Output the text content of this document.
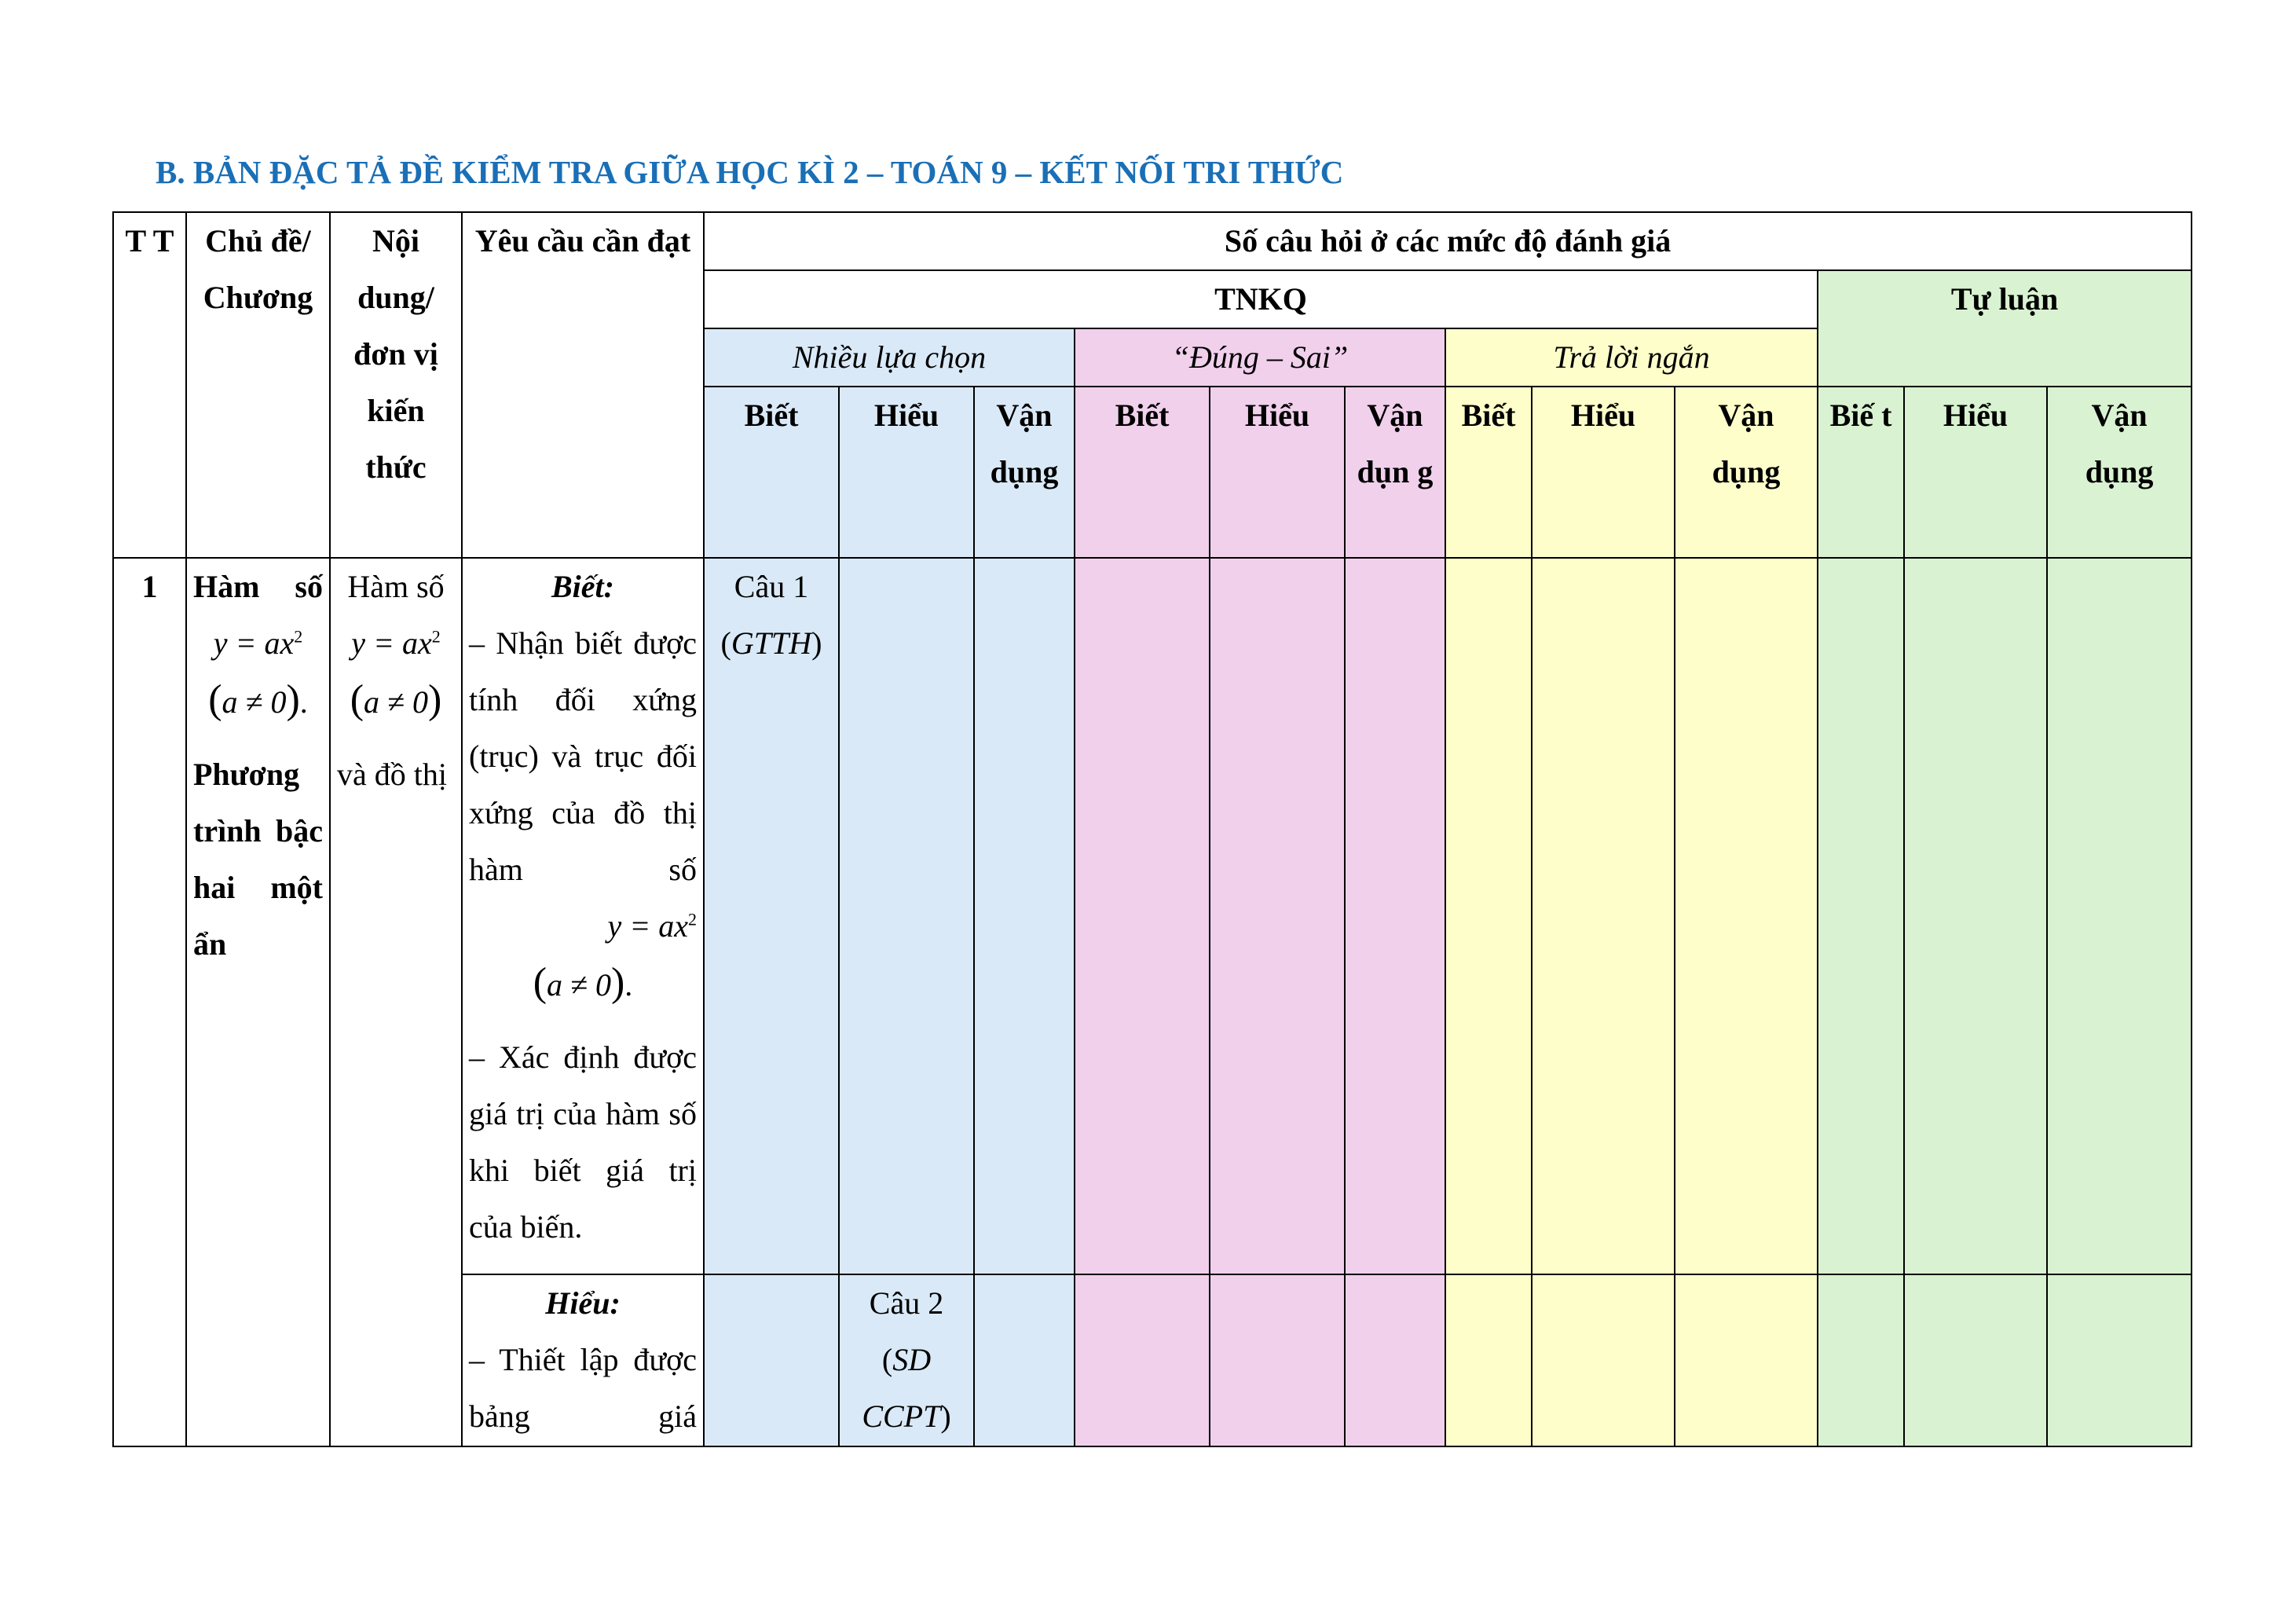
B. BẢN ĐẶC TẢ ĐỀ KIỂM TRA GIỮA HỌC KÌ 2 – TOÁN 9 – KẾT NỐI TRI THỨC
T T	Chủ đề/ Chương	Nội dung/ đơn vị kiến thức	Yêu cầu cần đạt	Số câu hỏi ở các mức độ đánh giá											
				TNKQ									Tự luận		
				Nhiều lựa chọn			“Đúng – Sai”			Trả lời ngắn					
				Biết	Hiểu	Vận dụng	Biết	Hiểu	Vận dụn g	Biết	Hiểu	Vận dụng	Biế t	Hiểu	Vận dụng
1	Hàm số
$y = ax^2$
(a ≠ 0).
Phương trình bậc hai một ẩn	Hàm số
$y = ax^2$
(a ≠ 0)
và đồ thị	Biết:
– Nhận biết được tính đối xứng (trục) và trục đối xứng của đồ thị hàm số
$y = ax^2$
(a ≠ 0).
– Xác định được giá trị của hàm số khi biết giá trị của biến.	Câu 1
(GTTH)											

			Hiểu:
– Thiết lập được bảng giá		Câu 2
(SD CCPT)										
